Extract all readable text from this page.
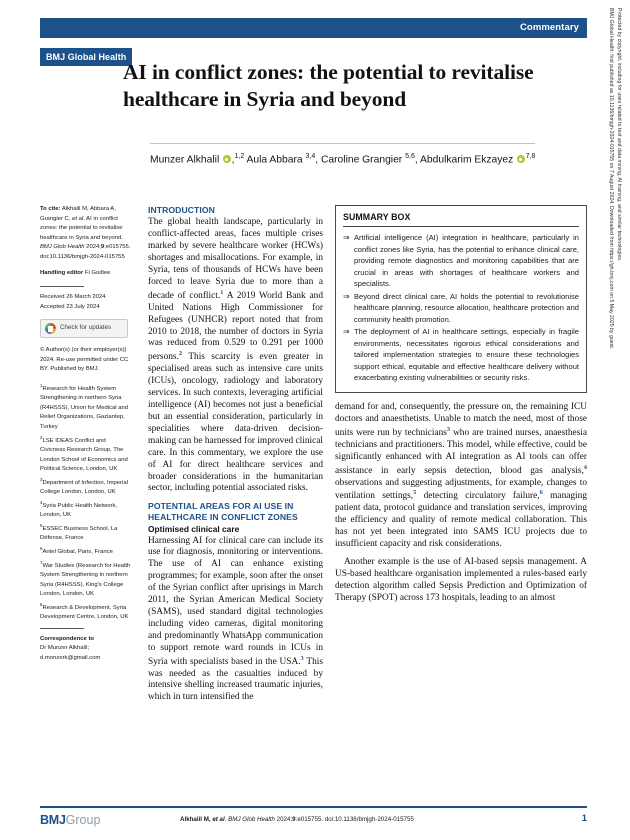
BMJ Global Health: first published as 10.1136/bmjgh-2024-015755 on 7 August 2024. Downloaded from https://gh.bmj.com on 5 May 2025 by guest. Protected by copyright, including for uses related to text and data mining, AI training, and similar technologies.
Commentary
BMJ Global Health
AI in conflict zones: the potential to revitalise healthcare in Syria and beyond
Munzer Alkhalil ,$^{1,2}$ Aula Abbara $^{3,4}$, Caroline Grangier $^{5,6}$, Abdulkarim Ekzayez $^{7,8}$

To cite: Alkhalil M, Abbara A, Grangier C, et al. AI in conflict zones: the potential to revitalise healthcare in Syria and beyond. BMJ Glob Health 2024;9:e015755. doi:10.1136/bmjgh-2024-015755

Handling editor Fi Godlee

Received 26 March 2024
Accepted 23 July 2024

Check for updates

© Author(s) (or their employer(s)) 2024. Re-use permitted under CC BY. Published by BMJ.

$^1$Research for Health System Strengthening in northern Syria (R4HSSS), Union for Medical and Relief Organizations, Gaziantep, Turkey

$^2$LSE IDEAS Conflict and Civicness Research Group, The London School of Economics and Political Science, London, UK

$^3$Department of Infection, Imperial College London, London, UK

$^4$Syria Public Health Network, London, UK

$^5$ESSEC Business School, La Défense, France

$^6$Antel Global, Paris, France

$^7$War Studies (Research for Health System Strengthening in northern Syria (R4HSSS), King's College London, London, UK

$^8$Research & Development, Syria Development Centre, London, UK

Correspondence to
Dr Munzer Alkhalil;
d.monzerk@gmail.com

INTRODUCTION

The global health landscape, particularly in conflict-affected areas, faces multiple crises marked by severe healthcare worker (HCWs) shortages and misallocations. For example, in Syria, tens of thousands of HCWs have been forced to leave Syria due to more than a decade of conflict.$^1$ A 2019 World Bank and United Nations High Commissioner for Refugees (UNHCR) report noted that from 2010 to 2018, the number of doctors in Syria was reduced from 0.529 to 0.291 per 1000 persons.$^2$ This scarcity is even greater in specialised areas such as intensive care units (ICUs), oncology, radiology and laboratory services. In such contexts, leveraging artificial intelligence (AI) becomes not just a beneficial but an essential consideration, particularly in specialities where data-driven decision-making can be harnessed for improved clinical care. In this commentary, we explore the use of AI for direct healthcare services and broader considerations in the humanitarian sector, including potential associated risks.

POTENTIAL AREAS FOR AI USE IN HEALTHCARE IN CONFLICT ZONES
Optimised clinical care

Harnessing AI for clinical care can include its use for diagnosis, monitoring or interventions. The use of AI can enhance existing programmes; for example, soon after the onset of the Syrian conflict after uprisings in March 2011, the Syrian American Medical Society (SAMS), used standard digital technologies including video cameras, digital monitoring and predominantly WhatsApp communication to support remote ward rounds in ICUs in Syria with specialists based in the USA.$^3$ This was needed as the casualties induced by intensive shelling increased traumatic injuries, which in turn intensified the

SUMMARY BOX
⇒ Artificial intelligence (AI) integration in healthcare, particularly in conflict zones like Syria, has the potential to enhance clinical care, providing remote diagnostics and monitoring capabilities that are crucial in areas with shortages of healthcare workers and specialists.
⇒ Beyond direct clinical care, AI holds the potential to revolutionise healthcare planning, resource allocation, healthcare protection and community health promotion.
⇒ The deployment of AI in healthcare settings, especially in fragile environments, necessitates rigorous ethical considerations and tailored implementation strategies to ensure these technologies support ethical, equitable and effective healthcare delivery without exacerbating existing vulnerabilities or security risks.

demand for and, consequently, the pressure on, the remaining ICU doctors and anaesthetists. Unable to match the need, most of those units were run by technicians$^3$ who are trained nurses, anaesthesia technicians and practitioners. This model, while effective, could be significantly enhanced with AI integration as AI tools can offer assistance in early sepsis detection, blood gas analysis,$^4$ observations and suggesting adjustments, for example, changes to ventilation settings,$^5$ detecting circulatory failure,$^6$ managing patient data, protocol guidance and translation services, improving the efficiency and quality of remote medical collaboration. This has not yet been integrated into SAMS ICU projects due to insufficient capacity and risk considerations.

Another example is the use of AI-based sepsis management. A US-based healthcare organisation implemented a rules-based early detection algorithm called Sepsis Prediction and Optimization of Therapy (SPOT) across 173 hospitals, leading to an almost

BMJGroup	Alkhalil M, et al. BMJ Glob Health 2024;9:e015755. doi:10.1136/bmjgh-2024-015755	1
